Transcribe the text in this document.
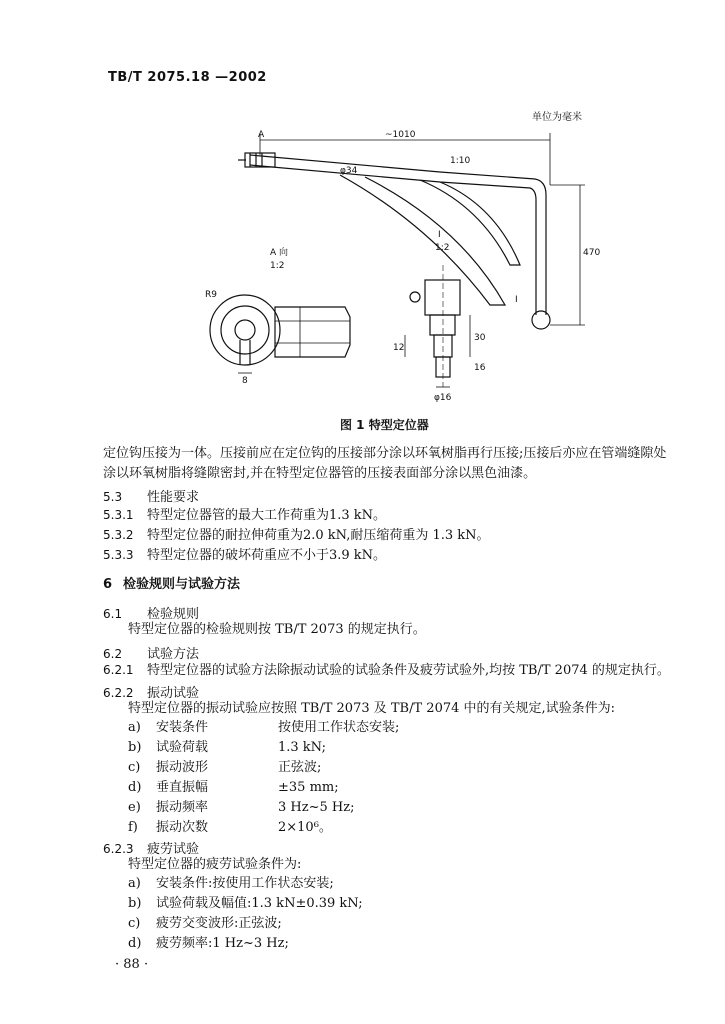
TB/T 2075.18 —2002
单位为毫米
A	~1010
1:10
φ34
470
I
A 向
1:2
I
1:2
R9
8
30
12
16
φ16
图 1 特型定位器
定位钩压接为一体。压接前应在定位钩的压接部分涂以环氧树脂再行压接;压接后亦应在管端缝隙处
涂以环氧树脂将缝隙密封,并在特型定位器管的压接表面部分涂以黑色油漆。
5.3 性能要求
5.3.1 特型定位器管的最大工作荷重为1.3 kN。
5.3.2 特型定位器的耐拉伸荷重为2.0 kN,耐压缩荷重为 1.3 kN。
5.3.3 特型定位器的破坏荷重应不小于3.9 kN。
6 检验规则与试验方法
6.1 检验规则
特型定位器的检验规则按 TB/T 2073 的规定执行。
6.2 试验方法
6.2.1 特型定位器的试验方法除振动试验的试验条件及疲劳试验外,均按 TB/T 2074 的规定执行。
6.2.2 振动试验
特型定位器的振动试验应按照 TB/T 2073 及 TB/T 2074 中的有关规定,试验条件为:
a) 安装条件	按使用工作状态安装;
b) 试验荷载	1.3 kN;
c) 振动波形	正弦波;
d) 垂直振幅	±35 mm;
e) 振动频率	3 Hz~5 Hz;
f) 振动次数	2×10⁶。
6.2.3 疲劳试验
特型定位器的疲劳试验条件为:
a) 安装条件:按使用工作状态安装;
b) 试验荷载及幅值:1.3 kN±0.39 kN;
c) 疲劳交变波形:正弦波;
d) 疲劳频率:1 Hz~3 Hz;
· 88 ·
